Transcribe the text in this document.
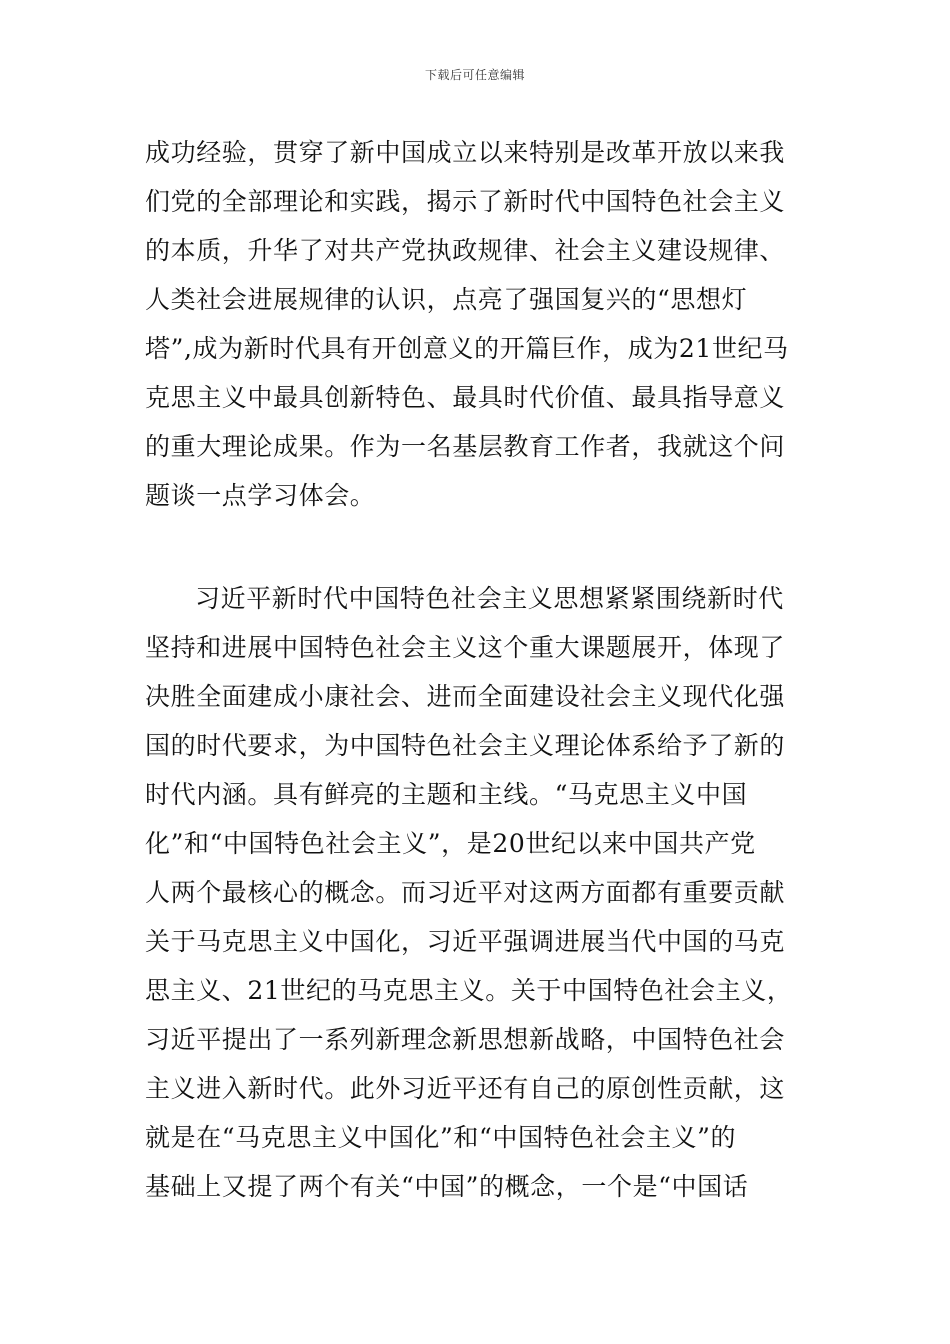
下载后可任意编辑
成功经验，贯穿了新中国成立以来特别是改革开放以来我
们党的全部理论和实践，揭示了新时代中国特色社会主义
的本质，升华了对共产党执政规律、社会主义建设规律、
人类社会进展规律的认识，点亮了强国复兴的“思想灯
塔”,成为新时代具有开创意义的开篇巨作，成为21世纪马
克思主义中最具创新特色、最具时代价值、最具指导意义
的重大理论成果。作为一名基层教育工作者，我就这个问
题谈一点学习体会。
习近平新时代中国特色社会主义思想紧紧围绕新时代
坚持和进展中国特色社会主义这个重大课题展开，体现了
决胜全面建成小康社会、进而全面建设社会主义现代化强
国的时代要求，为中国特色社会主义理论体系给予了新的
时代内涵。具有鲜亮的主题和主线。“马克思主义中国
化”和“中国特色社会主义”，是20世纪以来中国共产党
人两个最核心的概念。而习近平对这两方面都有重要贡献
关于马克思主义中国化，习近平强调进展当代中国的马克
思主义、21世纪的马克思主义。关于中国特色社会主义，
习近平提出了一系列新理念新思想新战略，中国特色社会
主义进入新时代。此外习近平还有自己的原创性贡献，这
就是在“马克思主义中国化”和“中国特色社会主义”的
基础上又提了两个有关“中国”的概念，一个是“中国话
